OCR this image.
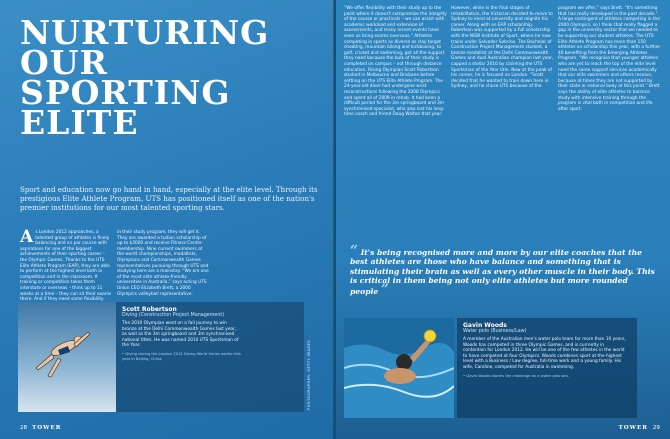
NURTURING
OUR
SPORTING
ELITE
Sport and education now go hand in hand, especially at the elite level. Through its prestigious Elite Athlete Program, UTS has positioned itself as one of the nation's premier institutions for our most talented sporting stars.
As London 2012 approaches, a talented group of athletes is finely balancing and on par course with aspirations for one of the biggest achievements of their sporting career – the Olympic Games. Thanks to the UTS Elite Athlete Program (EAP), they are able to perform at the highest level both in competition and in the classroom. If training or competition takes them interstate or overseas – think up to 11 weeks at a time – they can sit their exams there. And if they need some flexibility

in their study program, they will get it. They are awarded a tuition scholarship of up to $3000 and receive Fitness Centre membership. Nine current swimmers at the world championships, medallists, Olympians and Commonwealth Games representatives pursuing through UTS and studying here are a mainstay. “We are one of the most elite athlete-friendly universities in Australia,” says acting UTS Union CEO Elizabeth Brett, a 2000 Olympics volleyball representative.

Scott Robertson
Diving (Construction Project Management)
The 2010 Olympian went on a fall journey to win bronze at the Delhi Commonwealth Games last year, as well as the 3m springboard and 3m synchronised national titles. He was named 2010 UTS Sportsman of the Year.
• Diving during the London 2012 Diving World Series earlier this year in Beijing, China.	PHOTOGRAPHER: GETTY IMAGES
28 TOWER

“We offer flexibility with their study up to the point where it doesn't compromise the integrity of the course or practicals – we can assist with academic workload and extension of assessments, and many recent events have seen us bring exams overseas.” Athletes competing in sports as diverse as clay target shooting, mountain biking and kickboxing, to golf, cricket and swimming, get all the support they need because the bulk of their study is completed on campus – not through distance education. Rising Olympian Scott Robertson studied in Melbourne and Brisbane before settling on the UTS Elite Athlete Program. The 24-year-old diver had undergone wrist reconstructions following the 2008 Olympics and spent all of 2009 in rehab. It had been a difficult period for the 3m springboard and 3m synchronised specialist, who also lost his long-time coach and friend Doug Walton that year.

However, while in the final stages of rehabilitation, the Victorian decided to move to Sydney to enrol at university and reignite his career. Along with an EAP scholarship, Robertson was supported by a full scholarship with the NSW Institute of Sport, where he now trains under Salvador Sobrino. The Bachelor of Construction Project Management student, a bronze medallist at the Delhi Commonwealth Games and dual Australian champion last year, capped a stellar 2010 by claiming the UTS Sportsman of the Year title. Now at the peak of his career, he is focused on London. “Scott decided that he wanted to train down here in Sydney, and he chose UTS because of the

program we offer,” says Brett. “It's something that has really developed in the past decade.” A large contingent of athletes competing in the 2000 Olympics, so I think that really flagged a gap in the university sector that we needed to be supporting our student athletes. The UTS Elite Athlete Program has more than 150 athletes on scholarship this year, with a further 40 benefiting from the Emerging Athletes Program. “We recognise that younger athletes who are yet to reach the top of the elite level need the same support services academically that our elite swimmers and others receive, because at times they are not supported by their state or national body at this point.” Brett says the ability of elite athletes to balance study with intensive training through the program is vital both in competition and life after sport.

“ It's being recognised more and more by our elite coaches that the best athletes are those who have balance and something that is stimulating their brain as well as every other muscle in their body. This is critical in them being not only elite athletes but more rounded people ”
Gavin Woods
Water polo (Business/Law)
A member of the Australian men's water polo team for more than 10 years, Woods has competed in three Olympic Games, and is currently in contention for London 2012. He will be one of the few athletes in the world to have competed at four Olympics. Woods combines sport at the highest level with a Business / Law degree, full-time work and a young family. His wife, Caroline, competed for Australia in swimming.
• Gavin Woods storms the challenge on a water polo win.
TOWER 29
